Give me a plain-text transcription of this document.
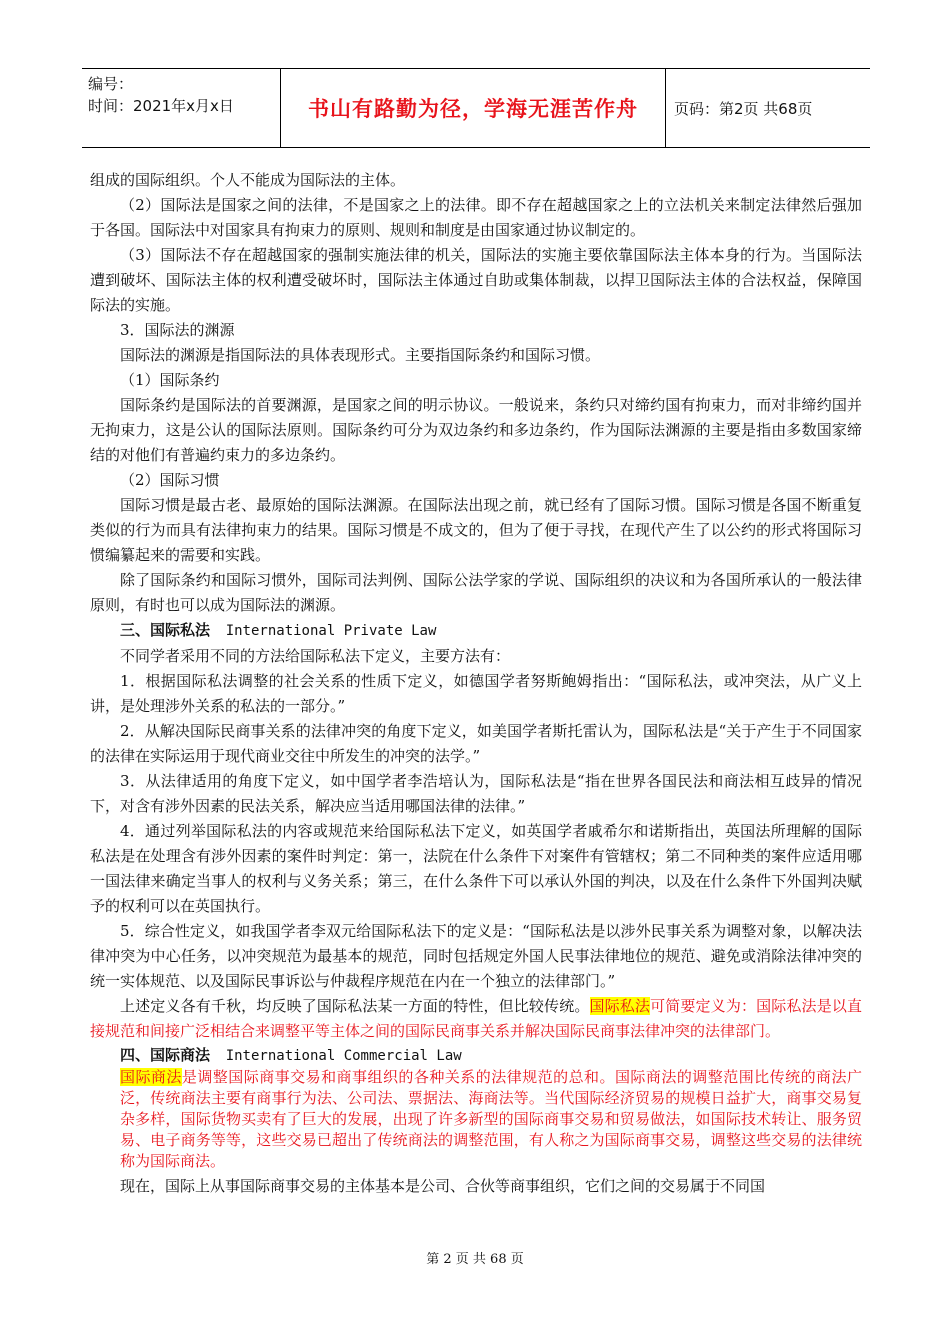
编号：
时间：2021年x月x日	书山有路勤为径，学海无涯苦作舟	页码：第2页 共68页

组成的国际组织。个人不能成为国际法的主体。

（2）国际法是国家之间的法律，不是国家之上的法律。即不存在超越国家之上的立法机关来制定法律然后强加于各国。国际法中对国家具有拘束力的原则、规则和制度是由国家通过协议制定的。

（3）国际法不存在超越国家的强制实施法律的机关，国际法的实施主要依靠国际法主体本身的行为。当国际法遭到破坏、国际法主体的权利遭受破坏时，国际法主体通过自助或集体制裁，以捍卫国际法主体的合法权益，保障国际法的实施。

3．国际法的渊源

国际法的渊源是指国际法的具体表现形式。主要指国际条约和国际习惯。

（1）国际条约

国际条约是国际法的首要渊源，是国家之间的明示协议。一般说来，条约只对缔约国有拘束力，而对非缔约国并无拘束力，这是公认的国际法原则。国际条约可分为双边条约和多边条约，作为国际法渊源的主要是指由多数国家缔结的对他们有普遍约束力的多边条约。

（2）国际习惯

国际习惯是最古老、最原始的国际法渊源。在国际法出现之前，就已经有了国际习惯。国际习惯是各国不断重复类似的行为而具有法律拘束力的结果。国际习惯是不成文的，但为了便于寻找，在现代产生了以公约的形式将国际习惯编纂起来的需要和实践。

除了国际条约和国际习惯外，国际司法判例、国际公法学家的学说、国际组织的决议和为各国所承认的一般法律原则，有时也可以成为国际法的渊源。

三、国际私法 International Private Law

不同学者采用不同的方法给国际私法下定义，主要方法有：

1．根据国际私法调整的社会关系的性质下定义，如德国学者努斯鲍姆指出：“国际私法，或冲突法，从广义上讲，是处理涉外关系的私法的一部分。”

2．从解决国际民商事关系的法律冲突的角度下定义，如美国学者斯托雷认为，国际私法是“关于产生于不同国家的法律在实际运用于现代商业交往中所发生的冲突的法学。”

3．从法律适用的角度下定义，如中国学者李浩培认为，国际私法是“指在世界各国民法和商法相互歧异的情况下，对含有涉外因素的民法关系，解决应当适用哪国法律的法律。”

4．通过列举国际私法的内容或规范来给国际私法下定义，如英国学者戚希尔和诺斯指出，英国法所理解的国际私法是在处理含有涉外因素的案件时判定：第一，法院在什么条件下对案件有管辖权；第二不同种类的案件应适用哪一国法律来确定当事人的权利与义务关系；第三，在什么条件下可以承认外国的判决，以及在什么条件下外国判决赋予的权利可以在英国执行。

5．综合性定义，如我国学者李双元给国际私法下的定义是：“国际私法是以涉外民事关系为调整对象，以解决法律冲突为中心任务，以冲突规范为最基本的规范，同时包括规定外国人民事法律地位的规范、避免或消除法律冲突的统一实体规范、以及国际民事诉讼与仲裁程序规范在内在一个独立的法律部门。”

上述定义各有千秋，均反映了国际私法某一方面的特性，但比较传统。国际私法可简要定义为：国际私法是以直接规范和间接广泛相结合来调整平等主体之间的国际民商事关系并解决国际民商事法律冲突的法律部门。

四、国际商法 International Commercial Law

国际商法是调整国际商事交易和商事组织的各种关系的法律规范的总和。国际商法的调整范围比传统的商法广泛，传统商法主要有商事行为法、公司法、票据法、海商法等。当代国际经济贸易的规模日益扩大，商事交易复杂多样，国际货物买卖有了巨大的发展，出现了许多新型的国际商事交易和贸易做法，如国际技术转让、服务贸易、电子商务等等，这些交易已超出了传统商法的调整范围，有人称之为国际商事交易，调整这些交易的法律统称为国际商法。

现在，国际上从事国际商事交易的主体基本是公司、合伙等商事组织，它们之间的交易属于不同国

第 2 页 共 68 页
